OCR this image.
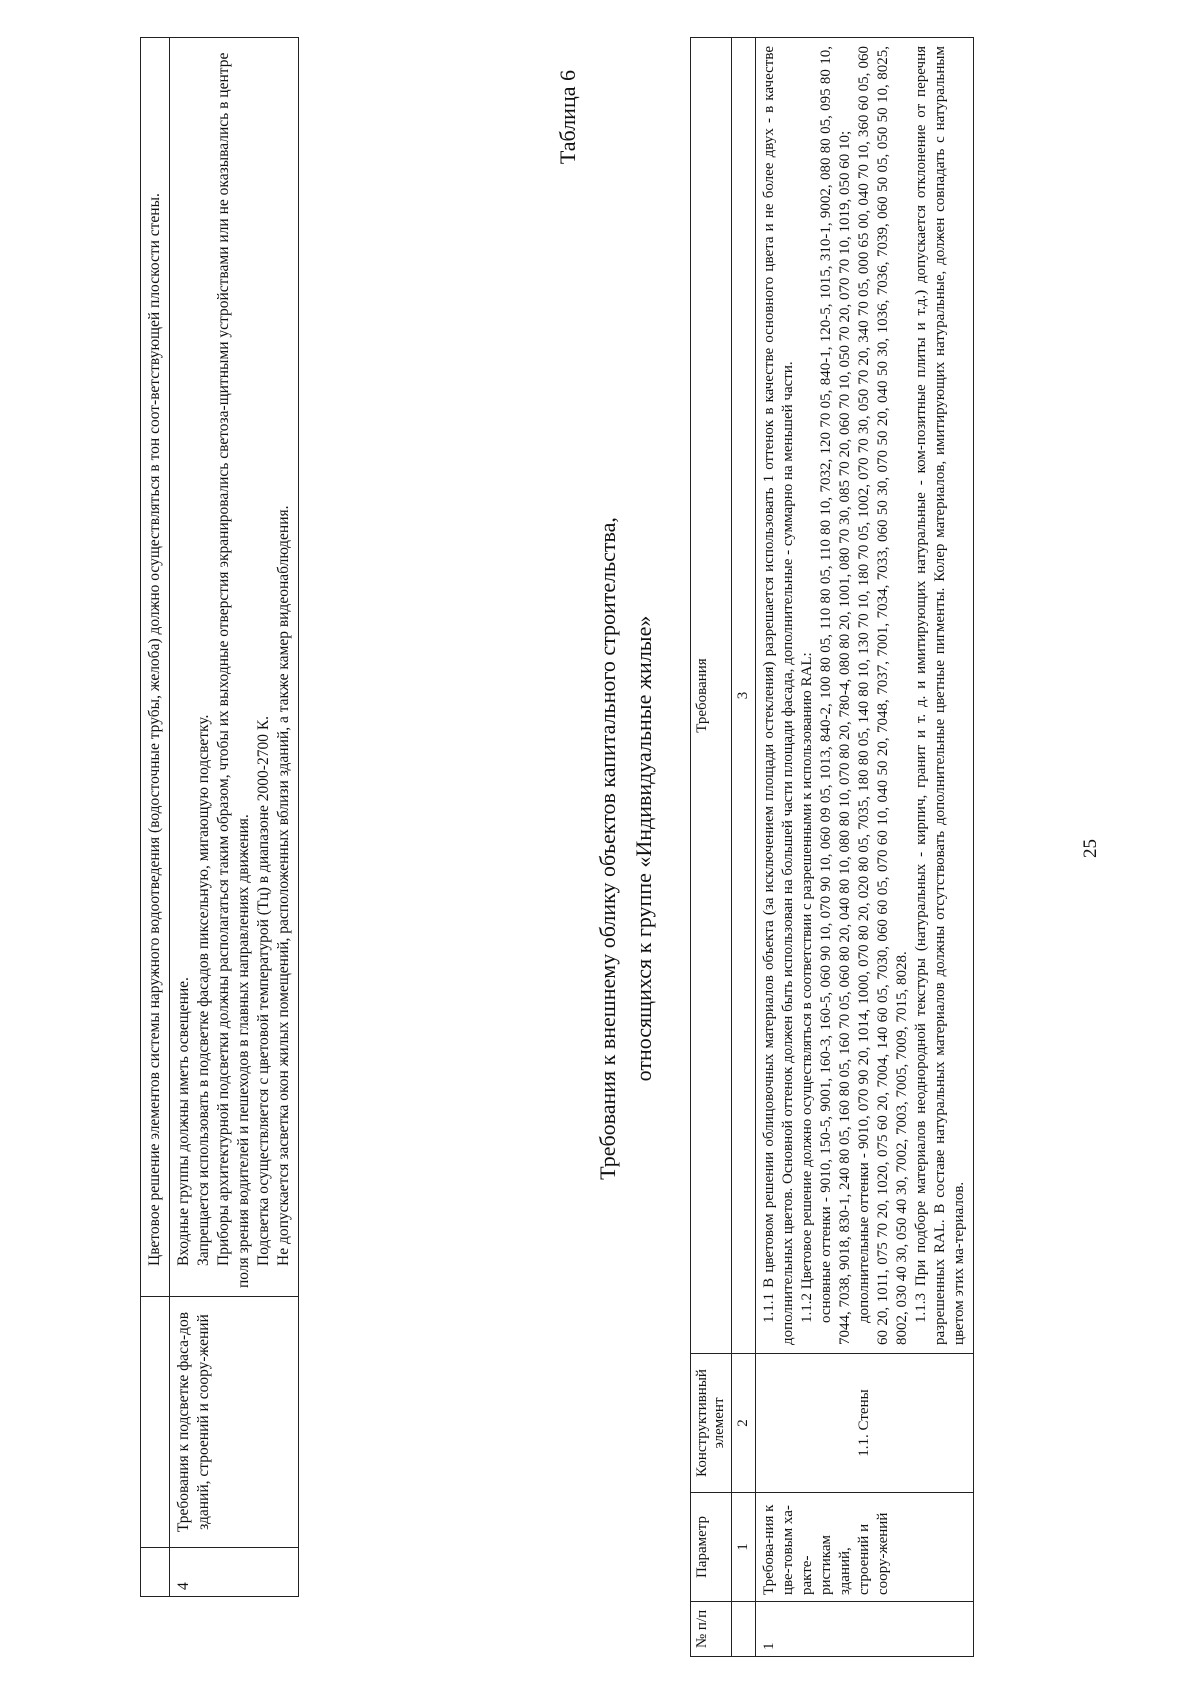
		Цветовое решение элементов системы наружного водоотведения (водосточные трубы, желоба) должно осуществляться в тон соот-ветствующей плоскости стены.

4	Требования к подсветке фаса-дов зданий, строений и соору-жений	Входные группы должны иметь освещение. Запрещается использовать в подсветке фасадов пиксельную, мигающую подсветку. Приборы архитектурной подсветки должны располагаться таким образом, чтобы их выходные отверстия экранировались светоза-щитными устройствами или не оказывались в центре поля зрения водителей и пешеходов в главных направлениях движения. Подсветка осуществляется с цветовой температурой (Тц) в диапазоне 2000-2700 К. Не допускается засветка окон жилых помещений, расположенных вблизи зданий, а также камер видеонаблюдения.

Таблица 6
Требования к внешнему облику объектов капитального строительства, относящихся к группе «Индивидуальные жилые»
№ п/п	Параметр	Конструктивный элемент	Требования
	1	2	3
1	Требова-ния к цве-товым ха-ракте-ристикам зданий, строений и соору-жений	1.1. Стены	1.1.1 В цветовом решении облицовочных материалов объекта (за исключением площади остекления) разрешается использовать 1 оттенок в качестве основного цвета и не более двух - в качестве дополнительных цветов. Основной оттенок должен быть использован на большей части площади фасада, дополнительные - суммарно на меньшей части. 1.1.2 Цветовое решение должно осуществляться в соответствии с разрешенными к использованию RAL: основные оттенки - 9010, 150-5, 9001, 160-3, 160-5, 060 90 10, 070 90 10, 060 09 05, 1013, 840-2, 100 80 05, 110 80 05, 110 80 10, 7032, 120 70 05, 840-1, 120-5, 1015, 310-1, 9002, 080 80 05, 095 80 10, 7044, 7038, 9018, 830-1, 240 80 05, 160 80 05, 160 70 05, 060 80 20, 040 80 10, 080 80 10, 070 80 20, 780-4, 080 80 20, 1001, 080 70 30, 085 70 20, 060 70 10, 050 70 20, 070 70 10, 1019, 050 60 10; дополнительные оттенки - 9010, 070 90 20, 1014, 1000, 070 80 20, 020 80 05, 7035, 180 80 05, 140 80 10, 130 70 10, 180 70 05, 1002, 070 70 30, 050 70 20, 340 70 05, 000 65 00, 040 70 10, 360 60 05, 060 60 20, 1011, 075 70 20, 1020, 075 60 20, 7004, 140 60 05, 7030, 060 60 05, 070 60 10, 040 50 20, 7048, 7037, 7001, 7034, 7033, 060 50 30, 070 50 20, 040 50 30, 1036, 7036, 7039, 060 50 05, 050 50 10, 8025, 8002, 030 40 30, 050 40 30, 7002, 7003, 7005, 7009, 7015, 8028. 1.1.3 При подборе материалов неоднородной текстуры (натуральных - кирпич, гранит и т. д. и имитирующих натуральные - ком-позитные плиты и т.д.) допускается отклонение от перечня разрешенных RAL. В составе натуральных материалов должны отсутствовать дополнительные цветные пигменты. Колер материалов, имитирующих натуральные, должен совпадать с натуральным цветом этих ма-териалов.

25
